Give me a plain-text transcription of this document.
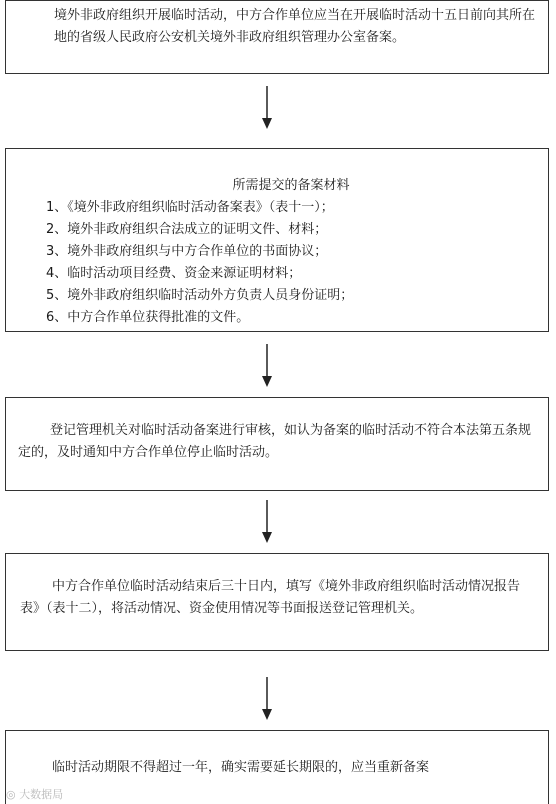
境外非政府组织开展临时活动，中方合作单位应当在开展临时活动十五日前向其所在地的省级人民政府公安机关境外非政府组织管理办公室备案。

所需提交的备案材料

1、《境外非政府组织临时活动备案表》（表十一）；
2、境外非政府组织合法成立的证明文件、材料；
3、境外非政府组织与中方合作单位的书面协议；
4、临时活动项目经费、资金来源证明材料；
5、境外非政府组织临时活动外方负责人员身份证明；
6、中方合作单位获得批准的文件。
登记管理机关对临时活动备案进行审核，如认为备案的临时活动不符合本法第五条规定的，及时通知中方合作单位停止临时活动。
中方合作单位临时活动结束后三十日内，填写《境外非政府组织临时活动情况报告表》（表十二），将活动情况、资金使用情况等书面报送登记管理机关。
临时活动期限不得超过一年，确实需要延长期限的，应当重新备案
◎ 大数据局
